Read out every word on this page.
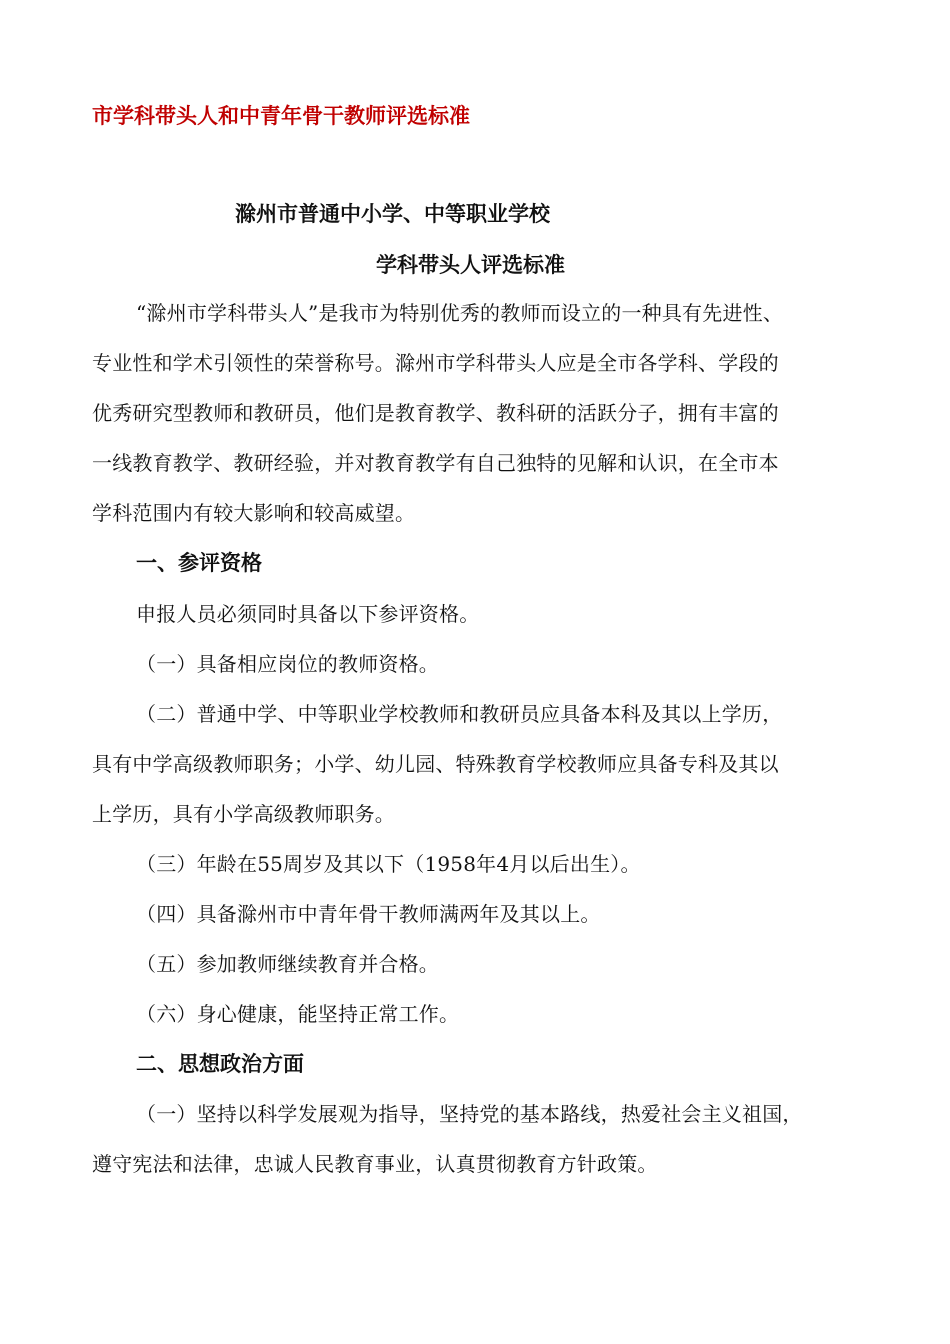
市学科带头人和中青年骨干教师评选标准
滁州市普通中小学、中等职业学校
学科带头人评选标准
“滁州市学科带头人”是我市为特别优秀的教师而设立的一种具有先进性、
专业性和学术引领性的荣誉称号。滁州市学科带头人应是全市各学科、学段的
优秀研究型教师和教研员，他们是教育教学、教科研的活跃分子，拥有丰富的
一线教育教学、教研经验，并对教育教学有自己独特的见解和认识，在全市本
学科范围内有较大影响和较高威望。
一、参评资格
申报人员必须同时具备以下参评资格。
（一）具备相应岗位的教师资格。
（二）普通中学、中等职业学校教师和教研员应具备本科及其以上学历，
具有中学高级教师职务；小学、幼儿园、特殊教育学校教师应具备专科及其以
上学历，具有小学高级教师职务。
（三）年龄在55周岁及其以下（1958年4月以后出生）。
（四）具备滁州市中青年骨干教师满两年及其以上。
（五）参加教师继续教育并合格。
（六）身心健康，能坚持正常工作。
二、思想政治方面
（一）坚持以科学发展观为指导，坚持党的基本路线，热爱社会主义祖国，
遵守宪法和法律，忠诚人民教育事业，认真贯彻教育方针政策。
